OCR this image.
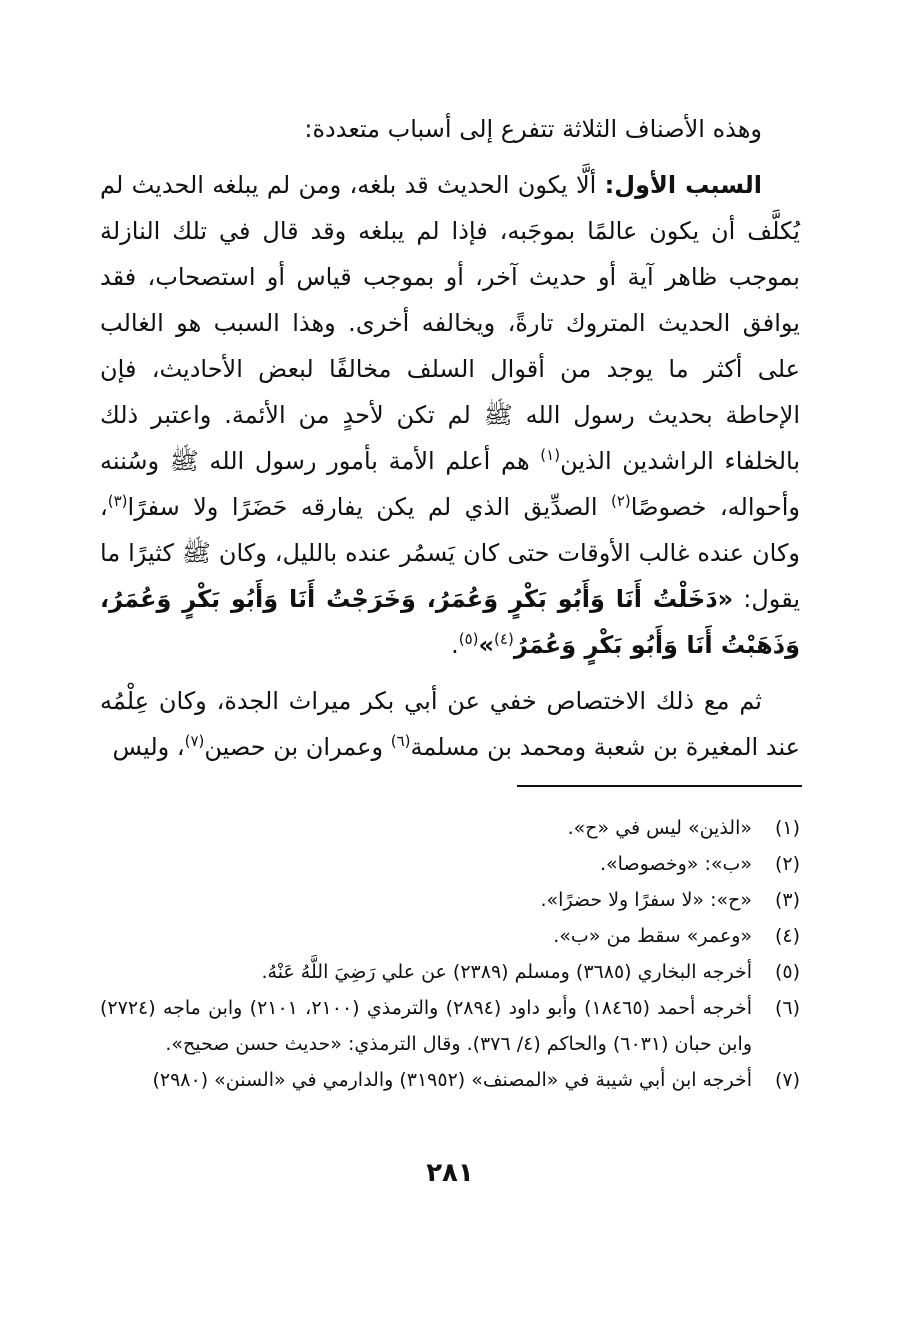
وهذه الأصناف الثلاثة تتفرع إلى أسباب متعددة:

السبب الأول: ألَّا يكون الحديث قد بلغه، ومن لم يبلغه الحديث لم يُكلَّف أن يكون عالمًا بموجَبه، فإذا لم يبلغه وقد قال في تلك النازلة بموجب ظاهر آية أو حديث آخر، أو بموجب قياس أو استصحاب، فقد يوافق الحديث المتروك تارةً، ويخالفه أخرى. وهذا السبب هو الغالب على أكثر ما يوجد من أقوال السلف مخالفًا لبعض الأحاديث، فإن الإحاطة بحديث رسول الله ﷺ لم تكن لأحدٍ من الأئمة. واعتبر ذلك بالخلفاء الراشدين الذين$^{(١)}$ هم أعلم الأمة بأمور رسول الله ﷺ وسُننه وأحواله، خصوصًا$^{(٢)}$ الصدِّيق الذي لم يكن يفارقه حَضَرًا ولا سفرًا$^{(٣)}$، وكان عنده غالب الأوقات حتى كان يَسمُر عنده بالليل، وكان ﷺ كثيرًا ما يقول: «دَخَلْتُ أَنَا وَأَبُو بَكْرٍ وَعُمَرُ، وَخَرَجْتُ أَنَا وَأَبُو بَكْرٍ وَعُمَرُ، وَذَهَبْتُ أَنَا وَأَبُو بَكْرٍ وَعُمَرُ$^{(٤)}$»$^{(٥)}$.

ثم مع ذلك الاختصاص خفي عن أبي بكر ميراث الجدة، وكان عِلْمُه عند المغيرة بن شعبة ومحمد بن مسلمة$^{(٦)}$ وعمران بن حصين$^{(٧)}$، وليس

(١)
«الذين» ليس في «ح».
(٢)
«ب»: «وخصوصا».
(٣)
«ح»: «لا سفرًا ولا حضرًا».
(٤)
«وعمر» سقط من «ب».
(٥)
أخرجه البخاري (٣٦٨٥) ومسلم (٢٣٨٩) عن علي رَضِيَ اللَّهُ عَنْهُ.
(٦)
أخرجه أحمد (١٨٤٦٥) وأبو داود (٢٨٩٤) والترمذي (٢١٠٠، ٢١٠١) وابن ماجه (٢٧٢٤) وابن حبان (٦٠٣١) والحاكم (٤/ ٣٧٦). وقال الترمذي: «حديث حسن صحيح».
(٧)
أخرجه ابن أبي شيبة في «المصنف» (٣١٩٥٢) والدارمي في «السنن» (٢٩٨٠)
٢٨١
